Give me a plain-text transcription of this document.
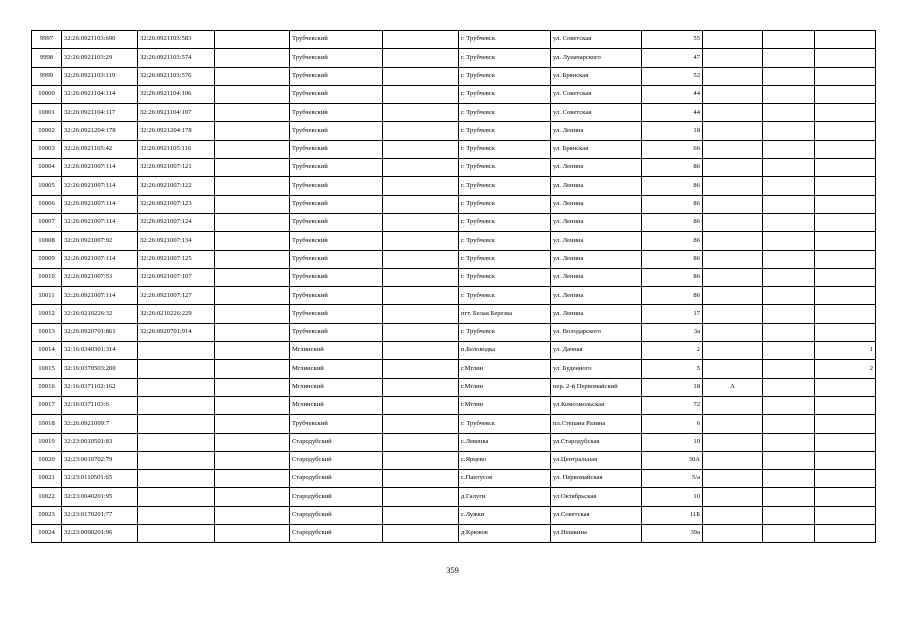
9997	32:26:0921103:690	32:26:0921103:583		Трубчевский		г. Трубчевск	ул. Советская	55			
9998	32:26:0921103:29	32:26:0921103:574		Трубчевский		г. Трубчевск	ул. Луначарского	47			
9999	32:26:0921103:119	32:26:0921103:576		Трубчевский		г. Трубчевск	ул. Брянская	52			
10000	32:26:0921104:114	32:26:0921104:106		Трубчевский		г. Трубчевск	ул. Советская	44			
10001	32:26:0921104:117	32:26:0921104:107		Трубчевский		г. Трубчевск	ул. Советская	44			
10002	32:26:0921204:178	32:26:0921204:178		Трубчевский		г. Трубчевск	ул. Ленина	18			
10003	32:26:0921105:42	32:26:0921105:116		Трубчевский		г. Трубчевск	ул. Брянская	66			
10004	32:26:0921007:114	32:26:0921007:121		Трубчевский		г. Трубчевск	ул. Ленина	86			
10005	32:26:0921007:114	32:26:0921007:122		Трубчевский		г. Трубчевск	ул. Ленина	86			
10006	32:26:0921007:114	32:26:0921007:123		Трубчевский		г. Трубчевск	ул. Ленина	86			
10007	32:26:0921007:114	32:26:0921007:124		Трубчевский		г. Трубчевск	ул. Ленина	86			
10008	32:26:0921007:92	32:26:0921007:134		Трубчевский		г. Трубчевск	ул. Ленина	86			
10009	32:26:0921007:114	32:26:0921007:125		Трубчевский		г. Трубчевск	ул. Ленина	86			
10010	32:26:0921007:53	32:26:0921007:107		Трубчевский		г. Трубчевск	ул. Ленина	86			
10011	32:26:0921007:114	32:26:0921007:127		Трубчевский		г. Трубчевск	ул. Ленина	86			
10012	32:26:0210226:32	32:26:0210226:229		Трубчевский		пгт. Белая Березка	ул. Ленина	17			
10013	32:26:0920701:861	32:26:0920701:914		Трубчевский		г. Трубчевск	ул. Володарского	3а			
10014	32:16:0340301:314			Мглинский		п.Беловодка	ул. Дачная	2			1
10015	32:16:0370503:200			Мглинский		г.Мглин	ул. Буденного	5			2
10016	32:16:0371102:162			Мглинский		г.Мглин	пер. 2-й Первомайский	18	А		
10017	32:16:0371103:6			Мглинский		г.Мглин	ул.Комсомольская	72			
10018	32:26:0921009:7			Трубчевский		г. Трубчевск	пл.Степана Разина	6			
10019	32:23:0010501:83			Стародубский		с.Левенка	ул.Стародубская	10			
10020	32:23:0010702:79			Стародубский		с.Ярцево	ул.Центральная	30А			
10021	32:23:0110501:65			Стародубский		с.Пантусов	ул. Первомайская	5/а			
10022	32:23:0040201:95			Стародубский		д.Галуги	ул.Октябрьская	10			
10023	32:23:0170201:77			Стародубский		с.Лужки	ул.Советская	11Б			
10024	32:23:0090201:96			Стародубский		д.Крюков	ул.Нешкина	39а			
359
